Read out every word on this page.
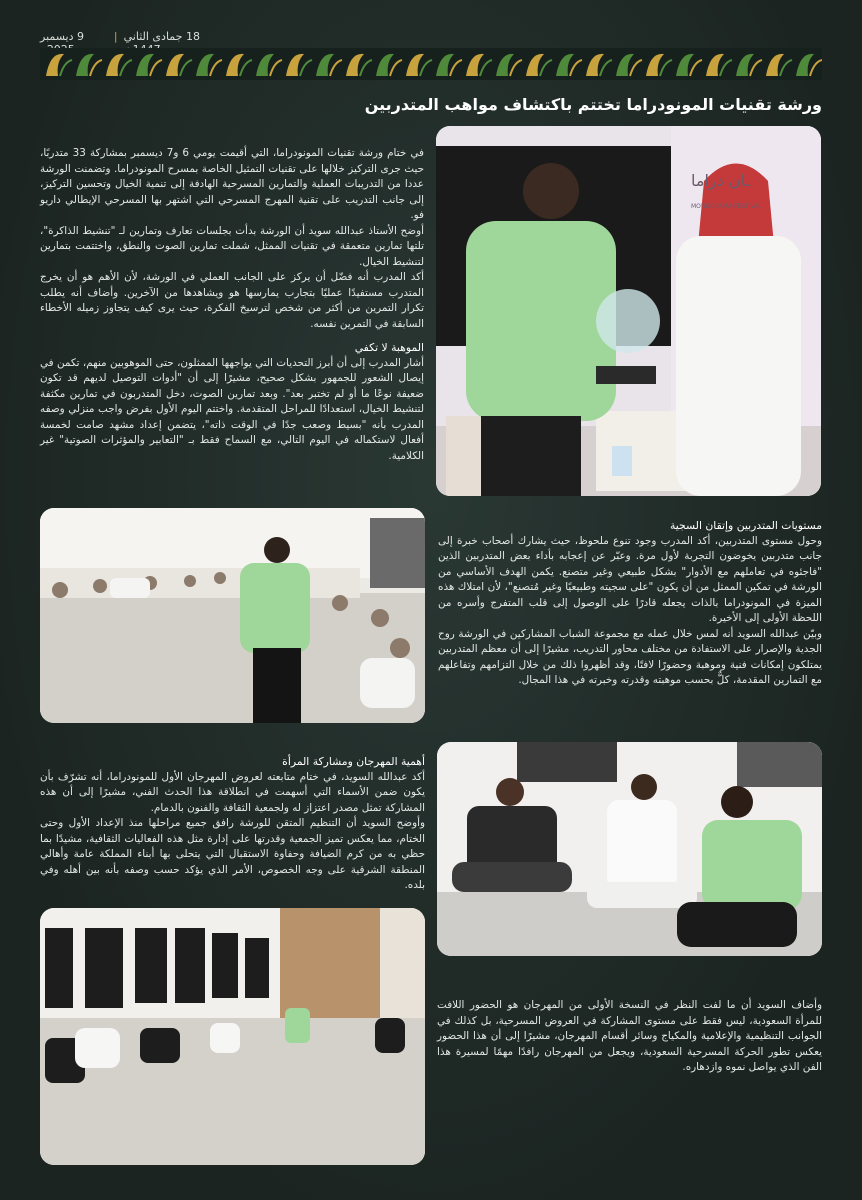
18 جمادى الثاني
|
9 ديسمبر
ورشة تقنيات المونودراما تختتم باكتشاف مواهب المتدربين

في ختام ورشة تقنيات المونودراما، التي أقيمت يومي 6 و7 ديسمبر بمشاركة 33 متدربًا، حيث جرى التركيز خلالها على تقنيات التمثيل الخاصة بمسرح المونودراما. وتضمنت الورشة عددا من التدريبات العملية والتمارين المسرحية الهادفة إلى تنمية الخيال وتحسين التركيز، إلى جانب التدريب على تقنية المهرج المسرحي التي اشتهر بها المسرحي الإيطالي داريو فو.

أوضح الأستاذ عبدالله سويد أن الورشة بدأت بجلسات تعارف وتمارين لـ "تنشيط الذاكرة"، تلتها تمارين متعمقة في تقنيات الممثل، شملت تمارين الصوت والنطق، واختتمت بتمارين لتنشيط الخيال.

أكد المدرب أنه فضّل أن يركز على الجانب العملي في الورشة، لأن الأهم هو أن يخرج المتدرب مستفيدًا عمليًا بتجارب يمارسها هو ويشاهدها من الآخرين. وأضاف أنه يطلب تكرار التمرين من أكثر من شخص لترسيخ الفكرة، حيث يرى كيف يتجاوز زميله الأخطاء السابقة في التمرين نفسه.

الموهبة لا تكفي

أشار المدرب إلى أن أبرز التحديات التي يواجهها الممثلون، حتى الموهوبين منهم، تكمن في إيصال الشعور للجمهور بشكل صحيح، مشيرًا إلى أن "أدوات التوصيل لديهم قد تكون ضعيفة نوعًا ما أو لم تختبر بعد". وبعد تمارين الصوت، دخل المتدربون في تمارين مكثفة لتنشيط الخيال، استعدادًا للمراحل المتقدمة. واختتم اليوم الأول بفرض واجب منزلي وصفه المدرب بأنه "بسيط وصعب جدًا في الوقت ذاته"، يتضمن إعداد مشهد صامت لخمسة أفعال لاستكماله في اليوم التالي، مع السماح فقط بـ "التعابير والمؤثرات الصوتية" غير الكلامية.

ـان دراما
MONODRAMA FESTIVAL
مستويات المتدربين وإتقان السجية

وحول مستوى المتدربين، أكد المدرب وجود تنوع ملحوظ، حيث يشارك أصحاب خبرة إلى جانب متدربين يخوضون التجربة لأول مرة. وعبّر عن إعجابه بأداء بعض المتدربين الذين "فاجئوه في تعاملهم مع الأدوار" بشكل طبيعي وغير متصنع. يكمن الهدف الأساسي من الورشة في تمكين الممثل من أن يكون "على سجيته وطبيعيًا وغير مُتصنع"، لأن امتلاك هذه الميزة في المونودراما بالذات يجعله قادرًا على الوصول إلى قلب المتفرج وأسره من اللحظة الأولى إلى الأخيرة.

وبيّن عبدالله السويد أنه لمس خلال عمله مع مجموعة الشباب المشاركين في الورشة روح الجدية والإصرار على الاستفادة من مختلف محاور التدريب، مشيرًا إلى أن معظم المتدربين يمتلكون إمكانات فنية وموهبة وحضورًا لافتًا، وقد أظهروا ذلك من خلال التزامهم وتفاعلهم مع التمارين المقدمة، كلٌّ بحسب موهبته وقدرته وخبرته في هذا المجال.

أهمية المهرجان ومشاركة المرأة

أكد عبدالله السويد، في ختام متابعته لعروض المهرجان الأول للمونودراما، أنه تشرّف بأن يكون ضمن الأسماء التي أسهمت في انطلاقة هذا الحدث الفني، مشيرًا إلى أن هذه المشاركة تمثل مصدر اعتزاز له ولجمعية الثقافة والفنون بالدمام.

وأوضح السويد أن التنظيم المتقن للورشة رافق جميع مراحلها منذ الإعداد الأول وحتى الختام، مما يعكس تميز الجمعية وقدرتها على إدارة مثل هذه الفعاليات الثقافية، مشيدًا بما حظي به من كرم الضيافة وحفاوة الاستقبال التي يتحلى بها أبناء المملكة عامة وأهالي المنطقة الشرقية على وجه الخصوص، الأمر الذي يؤكد حسب وصفه بأنه بين أهله وفي بلده.

وأضاف السويد أن ما لفت النظر في النسخة الأولى من المهرجان هو الحضور اللافت للمرأة السعودية، ليس فقط على مستوى المشاركة في العروض المسرحية، بل كذلك في الجوانب التنظيمية والإعلامية والمكياج وسائر أقسام المهرجان، مشيرًا إلى أن هذا الحضور يعكس تطور الحركة المسرحية السعودية، ويجعل من المهرجان رافدًا مهمًا لمسيرة هذا الفن الذي يواصل نموه وازدهاره.
